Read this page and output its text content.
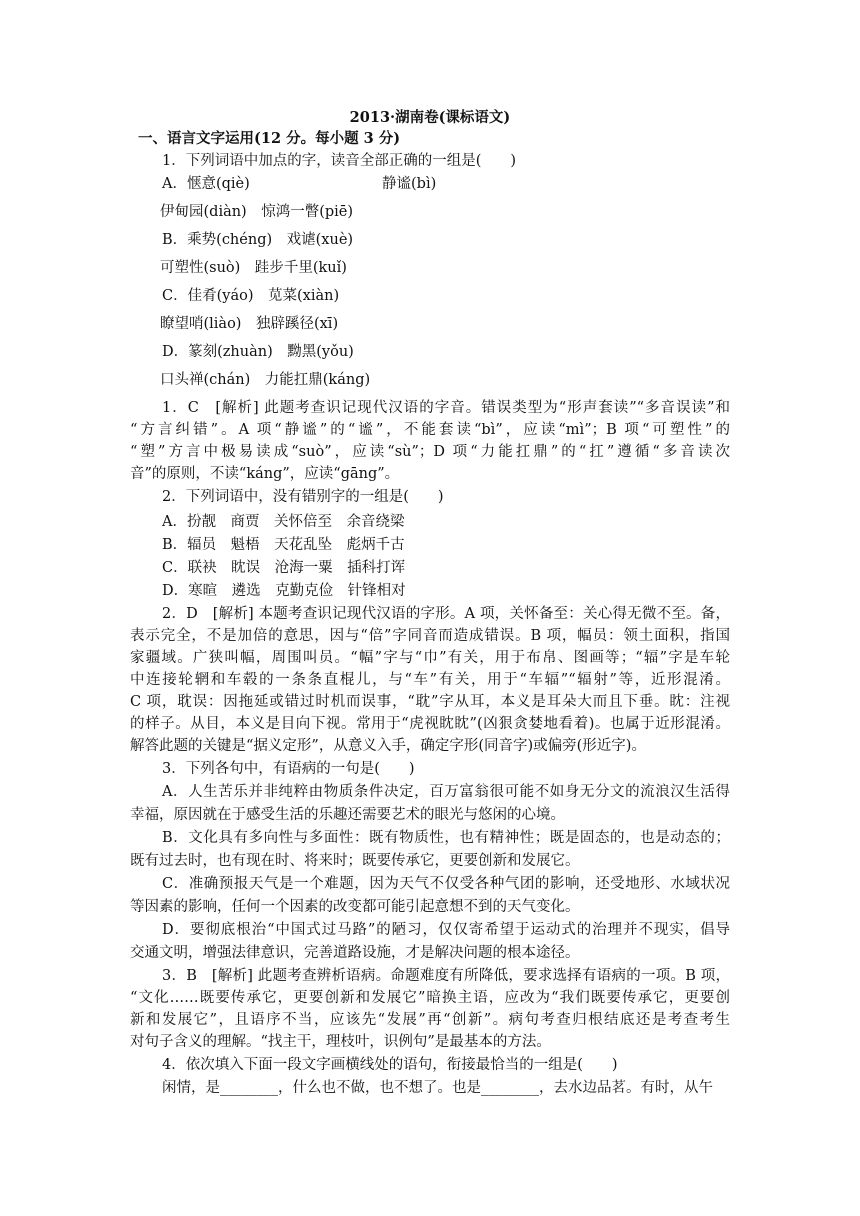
2013·湖南卷(课标语文)
一、语言文字运用(12 分。每小题 3 分)
1．下列词语中加点的字，读音全部正确的一组是(　　)
A．惬意(qiè)	静谧(bì)
伊甸园(diàn)　 惊鸿一瞥(piē)
B．乘势(chéng)　 戏谑(xuè)
可塑性(suò)　 跬步千里(kuǐ)
C．佳肴(yáo)　 苋菜(xiàn)
瞭望哨(liào)　 独辟蹊径(xī)
D．篆刻(zhuàn)　 黝黑(yǒu)
口头禅(chán)　 力能扛鼎(káng)
1．C　[解析] 此题考查识记现代汉语的字音。错误类型为“形声套读”“多音误读”和
“方言纠错”。A 项“静谧”的“谧”，不能套读“bì”，应读“mì”；B 项“可塑性”的
“塑”方言中极易读成“suò”，应读“sù”；D 项“力能扛鼎”的“扛”遵循“多音读次
音”的原则，不读“káng”，应读“gāng”。
2．下列词语中，没有错别字的一组是(　　)
A．扮靓　商贾　关怀倍至　余音绕梁
B．辐员　魁梧　天花乱坠　彪炳千古
C．联袂　眈误　沧海一粟　插科打诨
D．寒暄　遴选　克勤克俭　针锋相对
2．D　[解析] 本题考查识记现代汉语的字形。A 项，关怀备至：关心得无微不至。备，
表示完全，不是加倍的意思，因与“倍”字同音而造成错误。B 项，幅员：领土面积，指国
家疆域。广狭叫幅，周围叫员。“幅”字与“巾”有关，用于布帛、图画等；“辐”字是车轮
中连接轮辋和车毂的一条条直棍儿，与“车”有关，用于“车辐”“辐射”等，近形混淆。
C 项，耽误：因拖延或错过时机而误事，“耽”字从耳，本义是耳朵大而且下垂。眈：注视
的样子。从目，本义是目向下视。常用于“虎视眈眈”(凶狠贪婪地看着)。也属于近形混淆。
解答此题的关键是“据义定形”，从意义入手，确定字形(同音字)或偏旁(形近字)。
3．下列各句中，有语病的一句是(　　)
A．人生苦乐并非纯粹由物质条件决定，百万富翁很可能不如身无分文的流浪汉生活得
幸福，原因就在于感受生活的乐趣还需要艺术的眼光与悠闲的心境。
B．文化具有多向性与多面性：既有物质性，也有精神性；既是固态的，也是动态的；
既有过去时，也有现在时、将来时；既要传承它，更要创新和发展它。
C．准确预报天气是一个难题，因为天气不仅受各种气团的影响，还受地形、水域状况
等因素的影响，任何一个因素的改变都可能引起意想不到的天气变化。
D．要彻底根治“中国式过马路”的陋习，仅仅寄希望于运动式的治理并不现实，倡导
交通文明，增强法律意识，完善道路设施，才是解决问题的根本途径。
3．B　[解析] 此题考查辨析语病。命题难度有所降低，要求选择有语病的一项。B 项，
“文化……既要传承它，更要创新和发展它”暗换主语，应改为“我们既要传承它，更要创
新和发展它”，且语序不当，应该先“发展”再“创新”。病句考查归根结底还是考查考生
对句子含义的理解。“找主干，理枝叶，识例句”是最基本的方法。
4．依次填入下面一段文字画横线处的语句，衔接最恰当的一组是(　　)
闲情，是________，什么也不做，也不想了。也是________，去水边品茗。有时，从午
